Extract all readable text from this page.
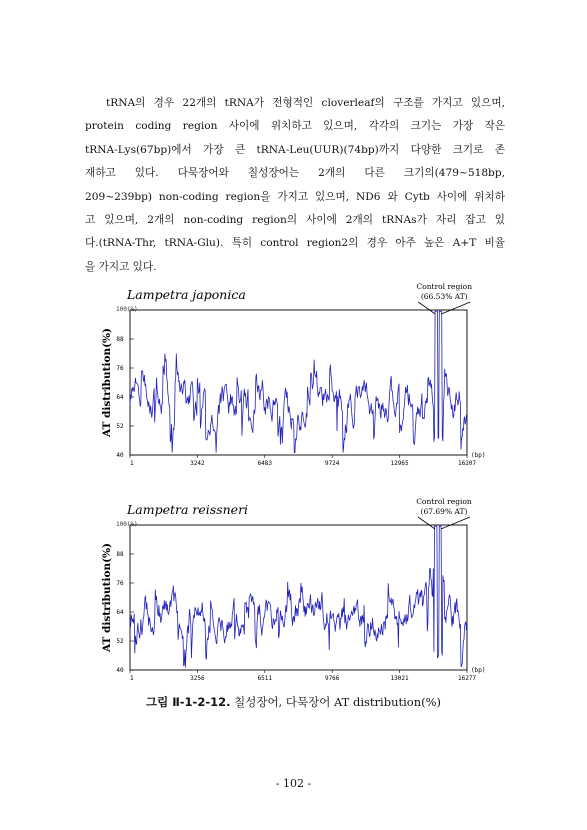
tRNA의 경우 22개의 tRNA가 전형적인 cloverleaf의 구조를 가지고 있으며,
protein coding region 사이에 위치하고 있으며, 각각의 크기는 가장 작은
tRNA-Lys(67bp)에서 가장 큰 tRNA-Leu(UUR)(74bp)까지 다양한 크기로 존
재하고 있다. 다묵장어와 칠성장어는 2개의 다른 크기의(479~518bp,
209~239bp) non-coding region을 가지고 있으며, ND6 와 Cytb 사이에 위치하
고 있으며, 2개의 non-coding region의 사이에 2개의 tRNAs가 자리 잡고 있
다.(tRNA-Thr, tRNA-Glu). 특히 control region2의 경우 아주 높은 A+T 비율
을 가지고 있다.
Lampetra japonica
100(%)
AT distribution(%)
40
52
64
76
88
1	3242	6483	9724	12965	16207
(bp)
Control region
(66.53% AT)
Lampetra reissneri
100(%)
AT distribution(%)
40
52
64
76
88
1	3256	6511	9766	13021	16277
(bp)
Control region
(67.69% AT)
그림 Ⅱ-1-2-12. 칠성장어, 다묵장어 AT distribution(%)
- 102 -
